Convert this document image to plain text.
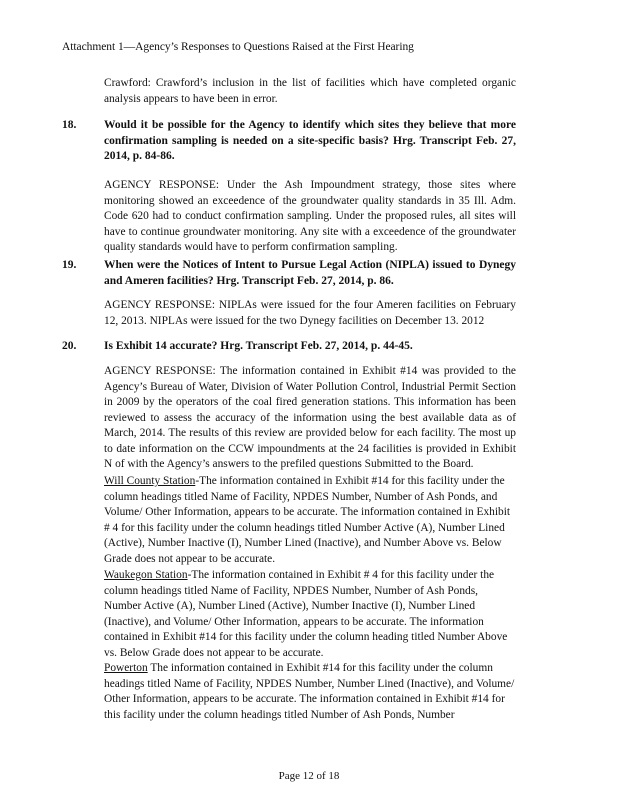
Attachment 1—Agency’s Responses to Questions Raised at the First Hearing
Crawford: Crawford’s inclusion in the list of facilities which have completed organic analysis appears to have been in error.
18. Would it be possible for the Agency to identify which sites they believe that more confirmation sampling is needed on a site-specific basis? Hrg. Transcript Feb. 27, 2014, p. 84-86.
AGENCY RESPONSE: Under the Ash Impoundment strategy, those sites where monitoring showed an exceedence of the groundwater quality standards in 35 Ill. Adm. Code 620 had to conduct confirmation sampling. Under the proposed rules, all sites will have to continue groundwater monitoring. Any site with a exceedence of the groundwater quality standards would have to perform confirmation sampling.
19. When were the Notices of Intent to Pursue Legal Action (NIPLA) issued to Dynegy and Ameren facilities? Hrg. Transcript Feb. 27, 2014, p. 86.
AGENCY RESPONSE: NIPLAs were issued for the four Ameren facilities on February 12, 2013. NIPLAs were issued for the two Dynegy facilities on December 13. 2012
20. Is Exhibit 14 accurate? Hrg. Transcript Feb. 27, 2014, p. 44-45.
AGENCY RESPONSE: The information contained in Exhibit #14 was provided to the Agency’s Bureau of Water, Division of Water Pollution Control, Industrial Permit Section in 2009 by the operators of the coal fired generation stations. This information has been reviewed to assess the accuracy of the information using the best available data as of March, 2014. The results of this review are provided below for each facility. The most up to date information on the CCW impoundments at the 24 facilities is provided in Exhibit N of with the Agency’s answers to the prefiled questions Submitted to the Board.
Will County Station-The information contained in Exhibit #14 for this facility under the column headings titled Name of Facility, NPDES Number, Number of Ash Ponds, and Volume/ Other Information, appears to be accurate. The information contained in Exhibit # 4 for this facility under the column headings titled Number Active (A), Number Lined (Active), Number Inactive (I), Number Lined (Inactive), and Number Above vs. Below Grade does not appear to be accurate.
Waukegon Station-The information contained in Exhibit # 4 for this facility under the column headings titled Name of Facility, NPDES Number, Number of Ash Ponds, Number Active (A), Number Lined (Active), Number Inactive (I), Number Lined (Inactive), and Volume/ Other Information, appears to be accurate. The information contained in Exhibit #14 for this facility under the column heading titled Number Above vs. Below Grade does not appear to be accurate.
Powerton The information contained in Exhibit #14 for this facility under the column headings titled Name of Facility, NPDES Number, Number Lined (Inactive), and Volume/ Other Information, appears to be accurate. The information contained in Exhibit #14 for this facility under the column headings titled Number of Ash Ponds, Number
Page 12 of 18
